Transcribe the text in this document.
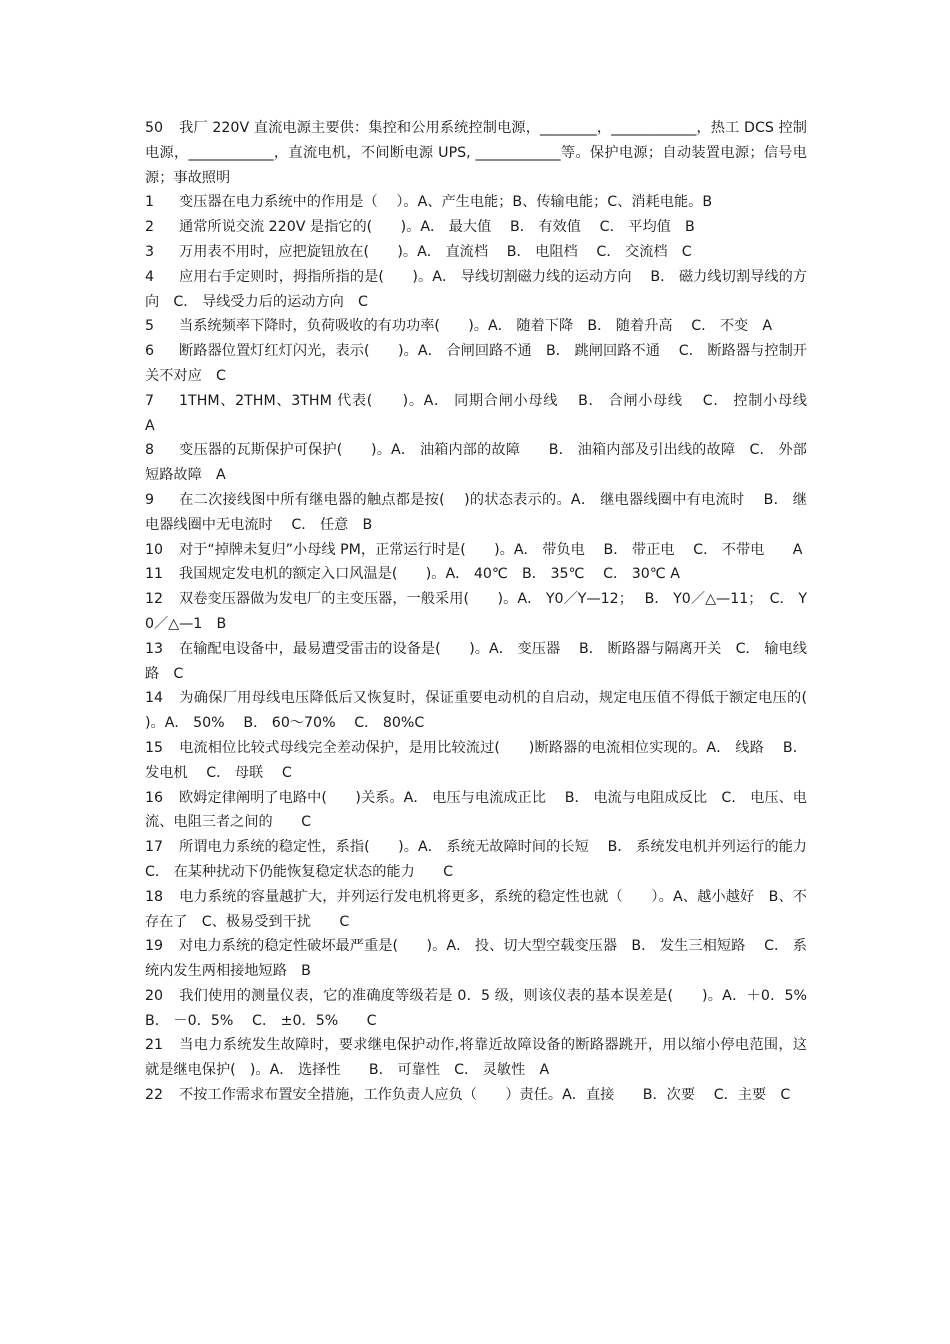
50 我厂 220V 直流电源主要供：集控和公用系统控制电源，________，____________，热工 DCS 控制电源，____________，直流电机，不间断电源 UPS, ____________等。保护电源；自动装置电源；信号电源；事故照明

1 变压器在电力系统中的作用是（　 ）。A、产生电能；B、传输电能；C、消耗电能。B

2 通常所说交流 220V 是指它的(　　)。A． 最大值　 B． 有效值　 C． 平均值　B

3 万用表不用时，应把旋钮放在(　　)。A． 直流档　 B． 电阻档　 C． 交流档　C

4 应用右手定则时，拇指所指的是(　　)。A． 导线切割磁力线的运动方向　 B． 磁力线切割导线的方向　C． 导线受力后的运动方向　C

5 当系统频率下降时，负荷吸收的有功功率(　　)。A． 随着下降　B． 随着升高　 C． 不变　A

6 断路器位置灯红灯闪光，表示(　　)。A． 合闸回路不通　B． 跳闸回路不通　 C． 断路器与控制开关不对应　C

7 1THM、2THM、3THM 代表(　　)。A． 同期合闸小母线　 B． 合闸小母线　 C． 控制小母线　　A

8 变压器的瓦斯保护可保护(　　)。A． 油箱内部的故障　　B． 油箱内部及引出线的故障　C． 外部短路故障　A

9 在二次接线图中所有继电器的触点都是按(　 )的状态表示的。A． 继电器线圈中有电流时　 B． 继电器线圈中无电流时　 C． 任意　B

10 对于“掉牌未复归”小母线 PM，正常运行时是(　　)。A． 带负电　 B． 带正电　 C． 不带电　　A

11 我国规定发电机的额定入口风温是(　　)。A． 40℃　B． 35℃　 C． 30℃ A

12 双卷变压器做为发电厂的主变压器，一般采用(　　)。A． Y0／Y—12；　 B． Y0／△—11；　C． Y0／△—1　B

13 在输配电设备中，最易遭受雷击的设备是(　　)。A． 变压器　 B． 断路器与隔离开关　C． 输电线路　C

14 为确保厂用母线电压降低后又恢复时，保证重要电动机的自启动，规定电压值不得低于额定电压的(　　)。A． 50%　 B． 60～70%　 C． 80%C

15 电流相位比较式母线完全差动保护，是用比较流过(　　)断路器的电流相位实现的。A． 线路　 B． 发电机　 C． 母联　 C

16 欧姆定律阐明了电路中(　　)关系。A． 电压与电流成正比　 B． 电流与电阻成反比　C． 电压、电流、电阻三者之间的　　C

17 所谓电力系统的稳定性，系指(　　)。A． 系统无故障时间的长短　 B． 系统发电机并列运行的能力　 C． 在某种扰动下仍能恢复稳定状态的能力　　C

18 电力系统的容量越扩大，并列运行发电机将更多，系统的稳定性也就（　　）。A、越小越好　B、不存在了　C、极易受到干扰　　C

19 对电力系统的稳定性破坏最严重是(　　)。A． 投、切大型空载变压器　B． 发生三相短路　 C． 系统内发生两相接地短路　B

20 我们使用的测量仪表，它的准确度等级若是 0．5 级，则该仪表的基本误差是(　　)。A．＋0．5%　 B． －0．5%　 C． ±0．5%　　C

21 当电力系统发生故障时，要求继电保护动作,将靠近故障设备的断路器跳开，用以缩小停电范围，这就是继电保护(　)。A． 选择性　　B． 可靠性　C． 灵敏性　A

22 不按工作需求布置安全措施，工作负责人应负（　　）责任。A．直接　　B．次要　 C．主要　C
